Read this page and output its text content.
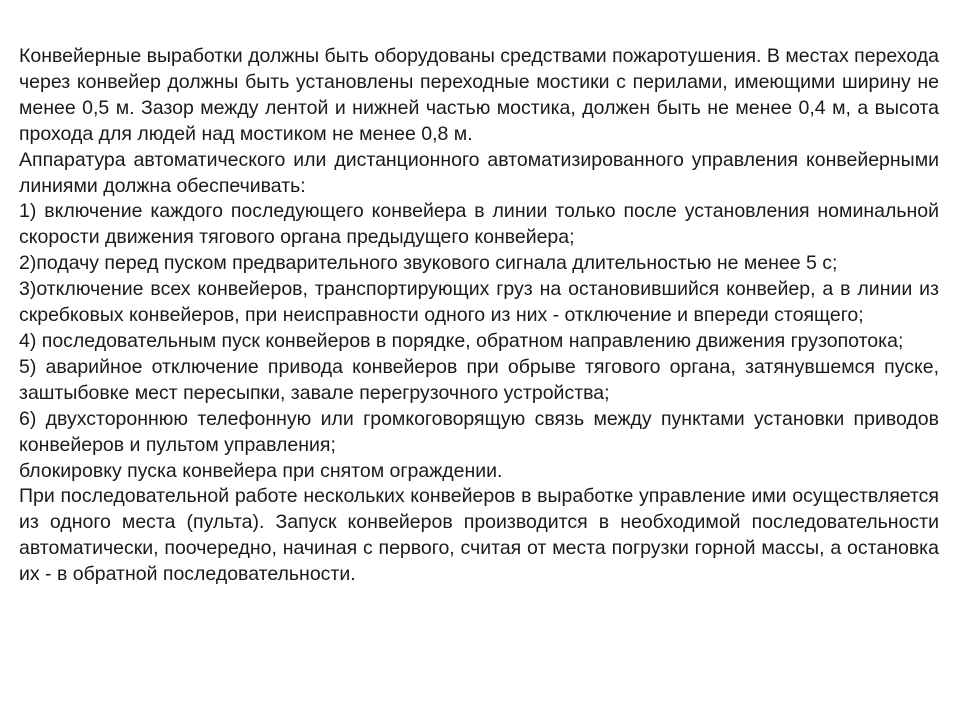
Конвейерные выработки должны быть оборудованы средствами пожаротушения. В местах перехода через конвейер должны быть установлены переходные мостики с перилами, имеющими ширину не менее 0,5 м. Зазор между лентой и нижней частью мостика, должен быть не менее 0,4 м, а высота прохода для людей над мостиком не менее 0,8 м.

Аппаратура автоматического или дистанционного автоматизированного управления конвейерными линиями должна обеспечивать:

1) включение каждого последующего конвейера в линии только после установления номинальной скорости движения тягового органа предыдущего конвейера;

2)подачу перед пуском предварительного звукового сигнала длительностью не менее 5 с;

3)отключение всех конвейеров, транспортирующих груз на остановившийся конвейер, а в линии из скребковых конвейеров, при неисправности одного из них - отключение и впереди стоящего;

4) последовательным пуск конвейеров в порядке, обратном направлению движения грузопотока;

5) аварийное отключение привода конвейеров при обрыве тягового органа, затянувшемся пуске, заштыбовке мест пересыпки, завале перегрузочного устройства;

6) двухстороннюю телефонную или громкоговорящую связь между пунктами установки приводов конвейеров и пультом управления;

блокировку пуска конвейера при снятом ограждении.

При последовательной работе нескольких конвейеров в выработке управление ими осуществляется из одного места (пульта). Запуск конвейеров производится в необходимой последовательности автоматически, поочередно, начиная с первого, считая от места погрузки горной массы, а остановка их - в обратной последовательности.
